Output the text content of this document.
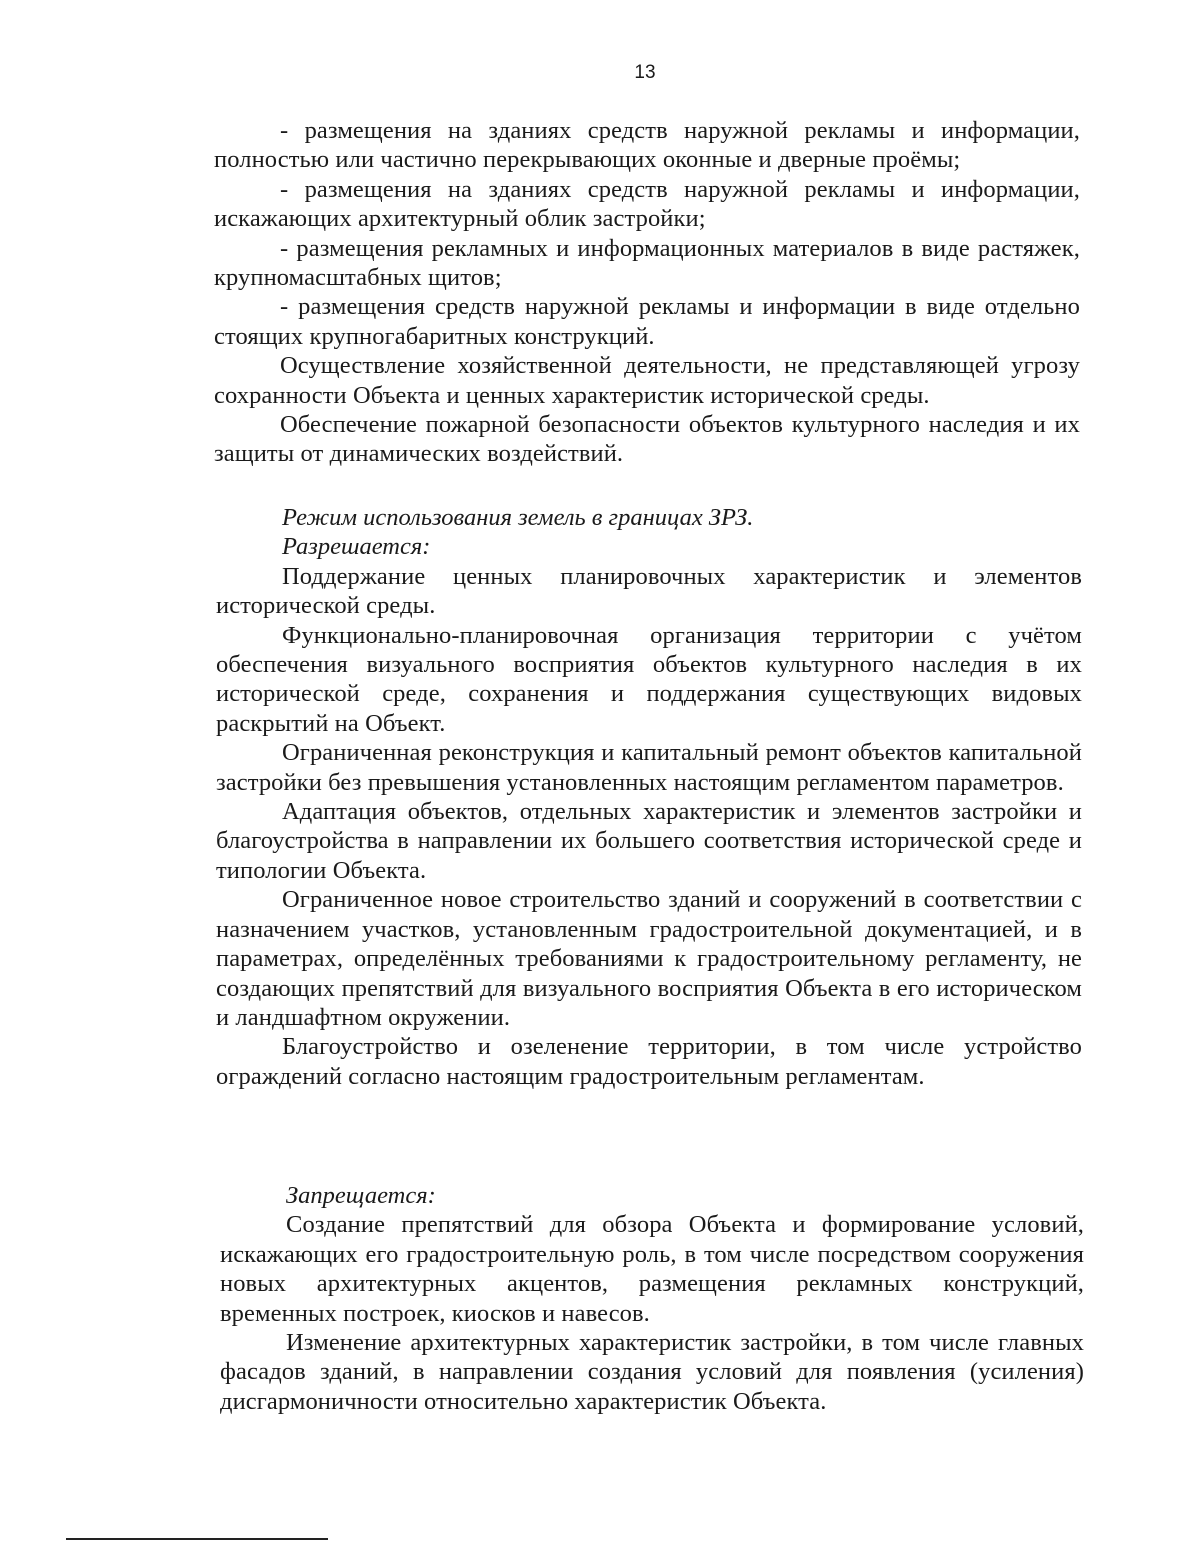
13

- размещения на зданиях средств наружной рекламы и информации, полностью или частично перекрывающих оконные и дверные проёмы;

- размещения на зданиях средств наружной рекламы и информации, искажающих архитектурный облик застройки;

- размещения рекламных и информационных материалов в виде растяжек, крупномасштабных щитов;

- размещения средств наружной рекламы и информации в виде отдельно стоящих крупногабаритных конструкций.

Осуществление хозяйственной деятельности, не представляющей угрозу сохранности Объекта и ценных характеристик исторической среды.

Обеспечение пожарной безопасности объектов культурного наследия и их защиты от динамических воздействий.

Режим использования земель в границах ЗРЗ.

Разрешается:

Поддержание ценных планировочных характеристик и элементов исторической среды.

Функционально-планировочная организация территории с учётом обеспечения визуального восприятия объектов культурного наследия в их исторической среде, сохранения и поддержания существующих видовых раскрытий на Объект.

Ограниченная реконструкция и капитальный ремонт объектов капитальной застройки без превышения установленных настоящим регламентом параметров.

Адаптация объектов, отдельных характеристик и элементов застройки и благоустройства в направлении их большего соответствия исторической среде и типологии Объекта.

Ограниченное новое строительство зданий и сооружений в соответствии с назначением участков, установленным градостроительной документацией, и в параметрах, определённых требованиями к градостроительному регламенту, не создающих препятствий для визуального восприятия Объекта в его историческом и ландшафтном окружении.

Благоустройство и озеленение территории, в том числе устройство ограждений согласно настоящим градостроительным регламентам.

Запрещается:

Создание препятствий для обзора Объекта и формирование условий, искажающих его градостроительную роль, в том числе посредством сооружения новых архитектурных акцентов, размещения рекламных конструкций, временных построек, киосков и навесов.

Изменение архитектурных характеристик застройки, в том числе главных фасадов зданий, в направлении создания условий для появления (усиления) дисгармоничности относительно характеристик Объекта.
